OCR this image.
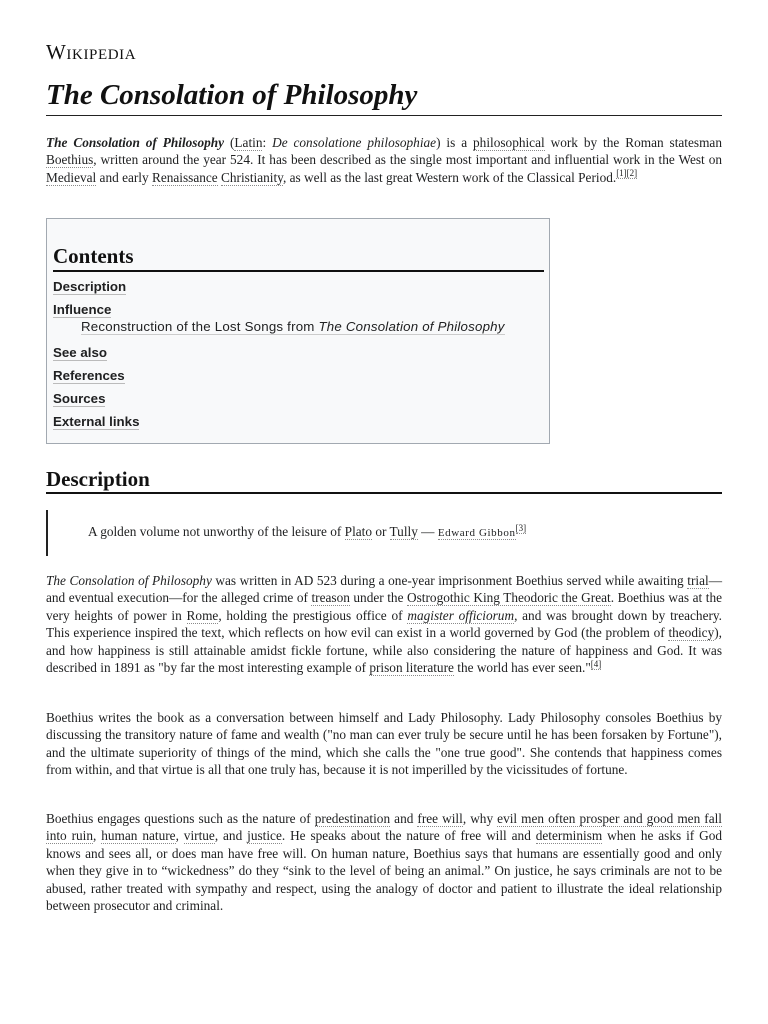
Wikipedia
The Consolation of Philosophy

The Consolation of Philosophy (Latin: De consolatione philosophiae) is a philosophical work by the Roman statesman Boethius, written around the year 524. It has been described as the single most important and influential work in the West on Medieval and early Renaissance Christianity, as well as the last great Western work of the Classical Period.[1][2]

Contents
Description
Influence
Reconstruction of the Lost Songs from The Consolation of Philosophy
See also
References
Sources
External links
Description
A golden volume not unworthy of the leisure of Plato or Tully — Edward Gibbon[3]

The Consolation of Philosophy was written in AD 523 during a one-year imprisonment Boethius served while awaiting trial—and eventual execution—for the alleged crime of treason under the Ostrogothic King Theodoric the Great. Boethius was at the very heights of power in Rome, holding the prestigious office of magister officiorum, and was brought down by treachery. This experience inspired the text, which reflects on how evil can exist in a world governed by God (the problem of theodicy), and how happiness is still attainable amidst fickle fortune, while also considering the nature of happiness and God. It was described in 1891 as "by far the most interesting example of prison literature the world has ever seen."[4]

Boethius writes the book as a conversation between himself and Lady Philosophy. Lady Philosophy consoles Boethius by discussing the transitory nature of fame and wealth ("no man can ever truly be secure until he has been forsaken by Fortune"), and the ultimate superiority of things of the mind, which she calls the "one true good". She contends that happiness comes from within, and that virtue is all that one truly has, because it is not imperilled by the vicissitudes of fortune.

Boethius engages questions such as the nature of predestination and free will, why evil men often prosper and good men fall into ruin, human nature, virtue, and justice. He speaks about the nature of free will and determinism when he asks if God knows and sees all, or does man have free will. On human nature, Boethius says that humans are essentially good and only when they give in to “wickedness” do they “sink to the level of being an animal.” On justice, he says criminals are not to be abused, rather treated with sympathy and respect, using the analogy of doctor and patient to illustrate the ideal relationship between prosecutor and criminal.
